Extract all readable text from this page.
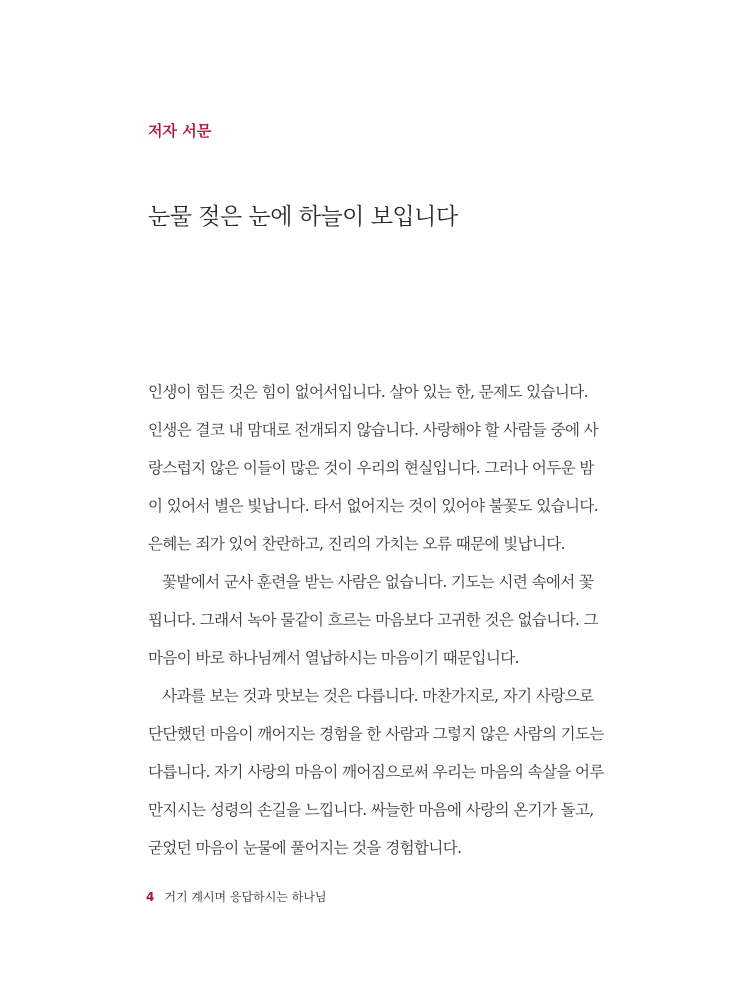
저자 서문
눈물 젖은 눈에 하늘이 보입니다
인생이 힘든 것은 힘이 없어서입니다. 살아 있는 한, 문제도 있습니다.
인생은 결코 내 맘대로 전개되지 않습니다. 사랑해야 할 사람들 중에 사
랑스럽지 않은 이들이 많은 것이 우리의 현실입니다. 그러나 어두운 밤
이 있어서 별은 빛납니다. 타서 없어지는 것이 있어야 불꽃도 있습니다.
은혜는 죄가 있어 찬란하고, 진리의 가치는 오류 때문에 빛납니다.
꽃밭에서 군사 훈련을 받는 사람은 없습니다. 기도는 시련 속에서 꽃
핍니다. 그래서 녹아 물같이 흐르는 마음보다 고귀한 것은 없습니다. 그
마음이 바로 하나님께서 열납하시는 마음이기 때문입니다.
사과를 보는 것과 맛보는 것은 다릅니다. 마찬가지로, 자기 사랑으로
단단했던 마음이 깨어지는 경험을 한 사람과 그렇지 않은 사람의 기도는
다릅니다. 자기 사랑의 마음이 깨어짐으로써 우리는 마음의 속살을 어루
만지시는 성령의 손길을 느낍니다. 싸늘한 마음에 사랑의 온기가 돌고,
굳었던 마음이 눈물에 풀어지는 것을 경험합니다.
4 거기 계시며 응답하시는 하나님
